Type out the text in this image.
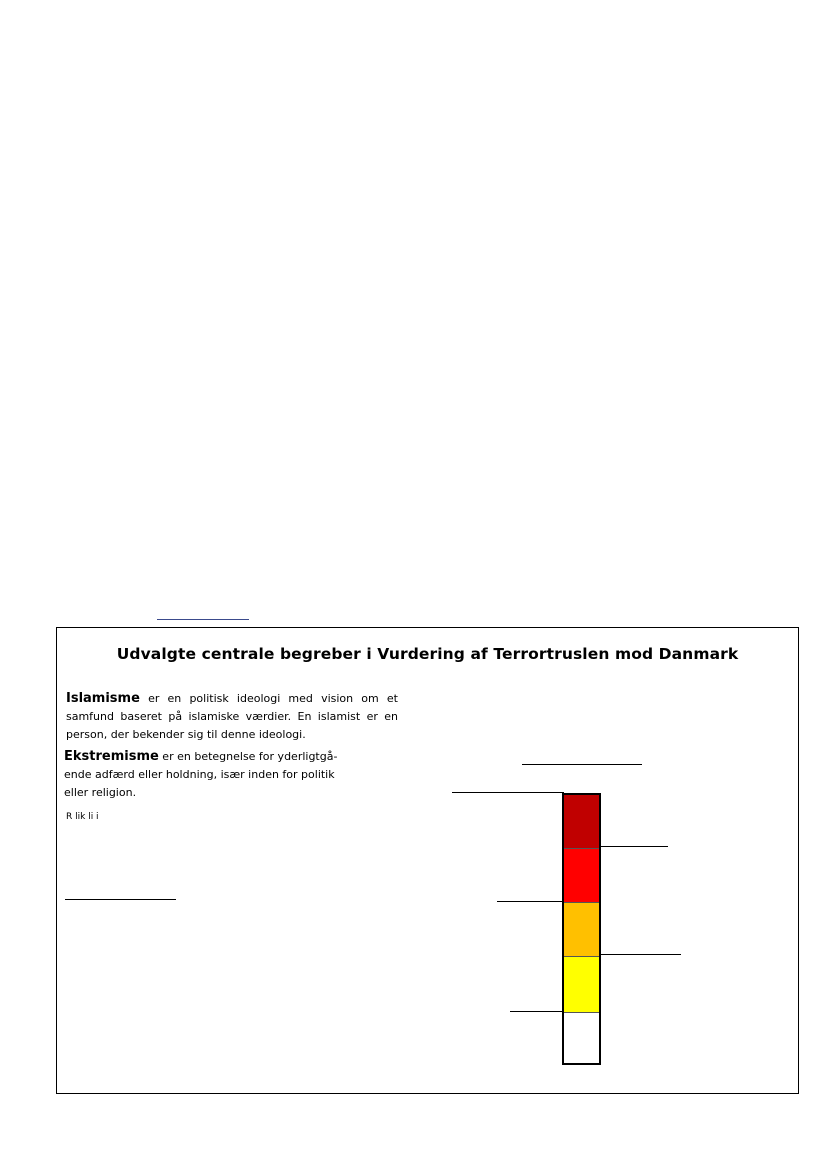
Udvalgte centrale begreber i Vurdering af Terrortruslen mod Danmark
Islamisme er en politisk ideologi med vision om et samfund baseret på islamiske værdier. En islamist er en person, der bekender sig til denne ideologi.
Ekstremisme er en betegnelse for yderligtgå-ende adfærd eller holdning, især inden for politik eller religion.
R lik li i
